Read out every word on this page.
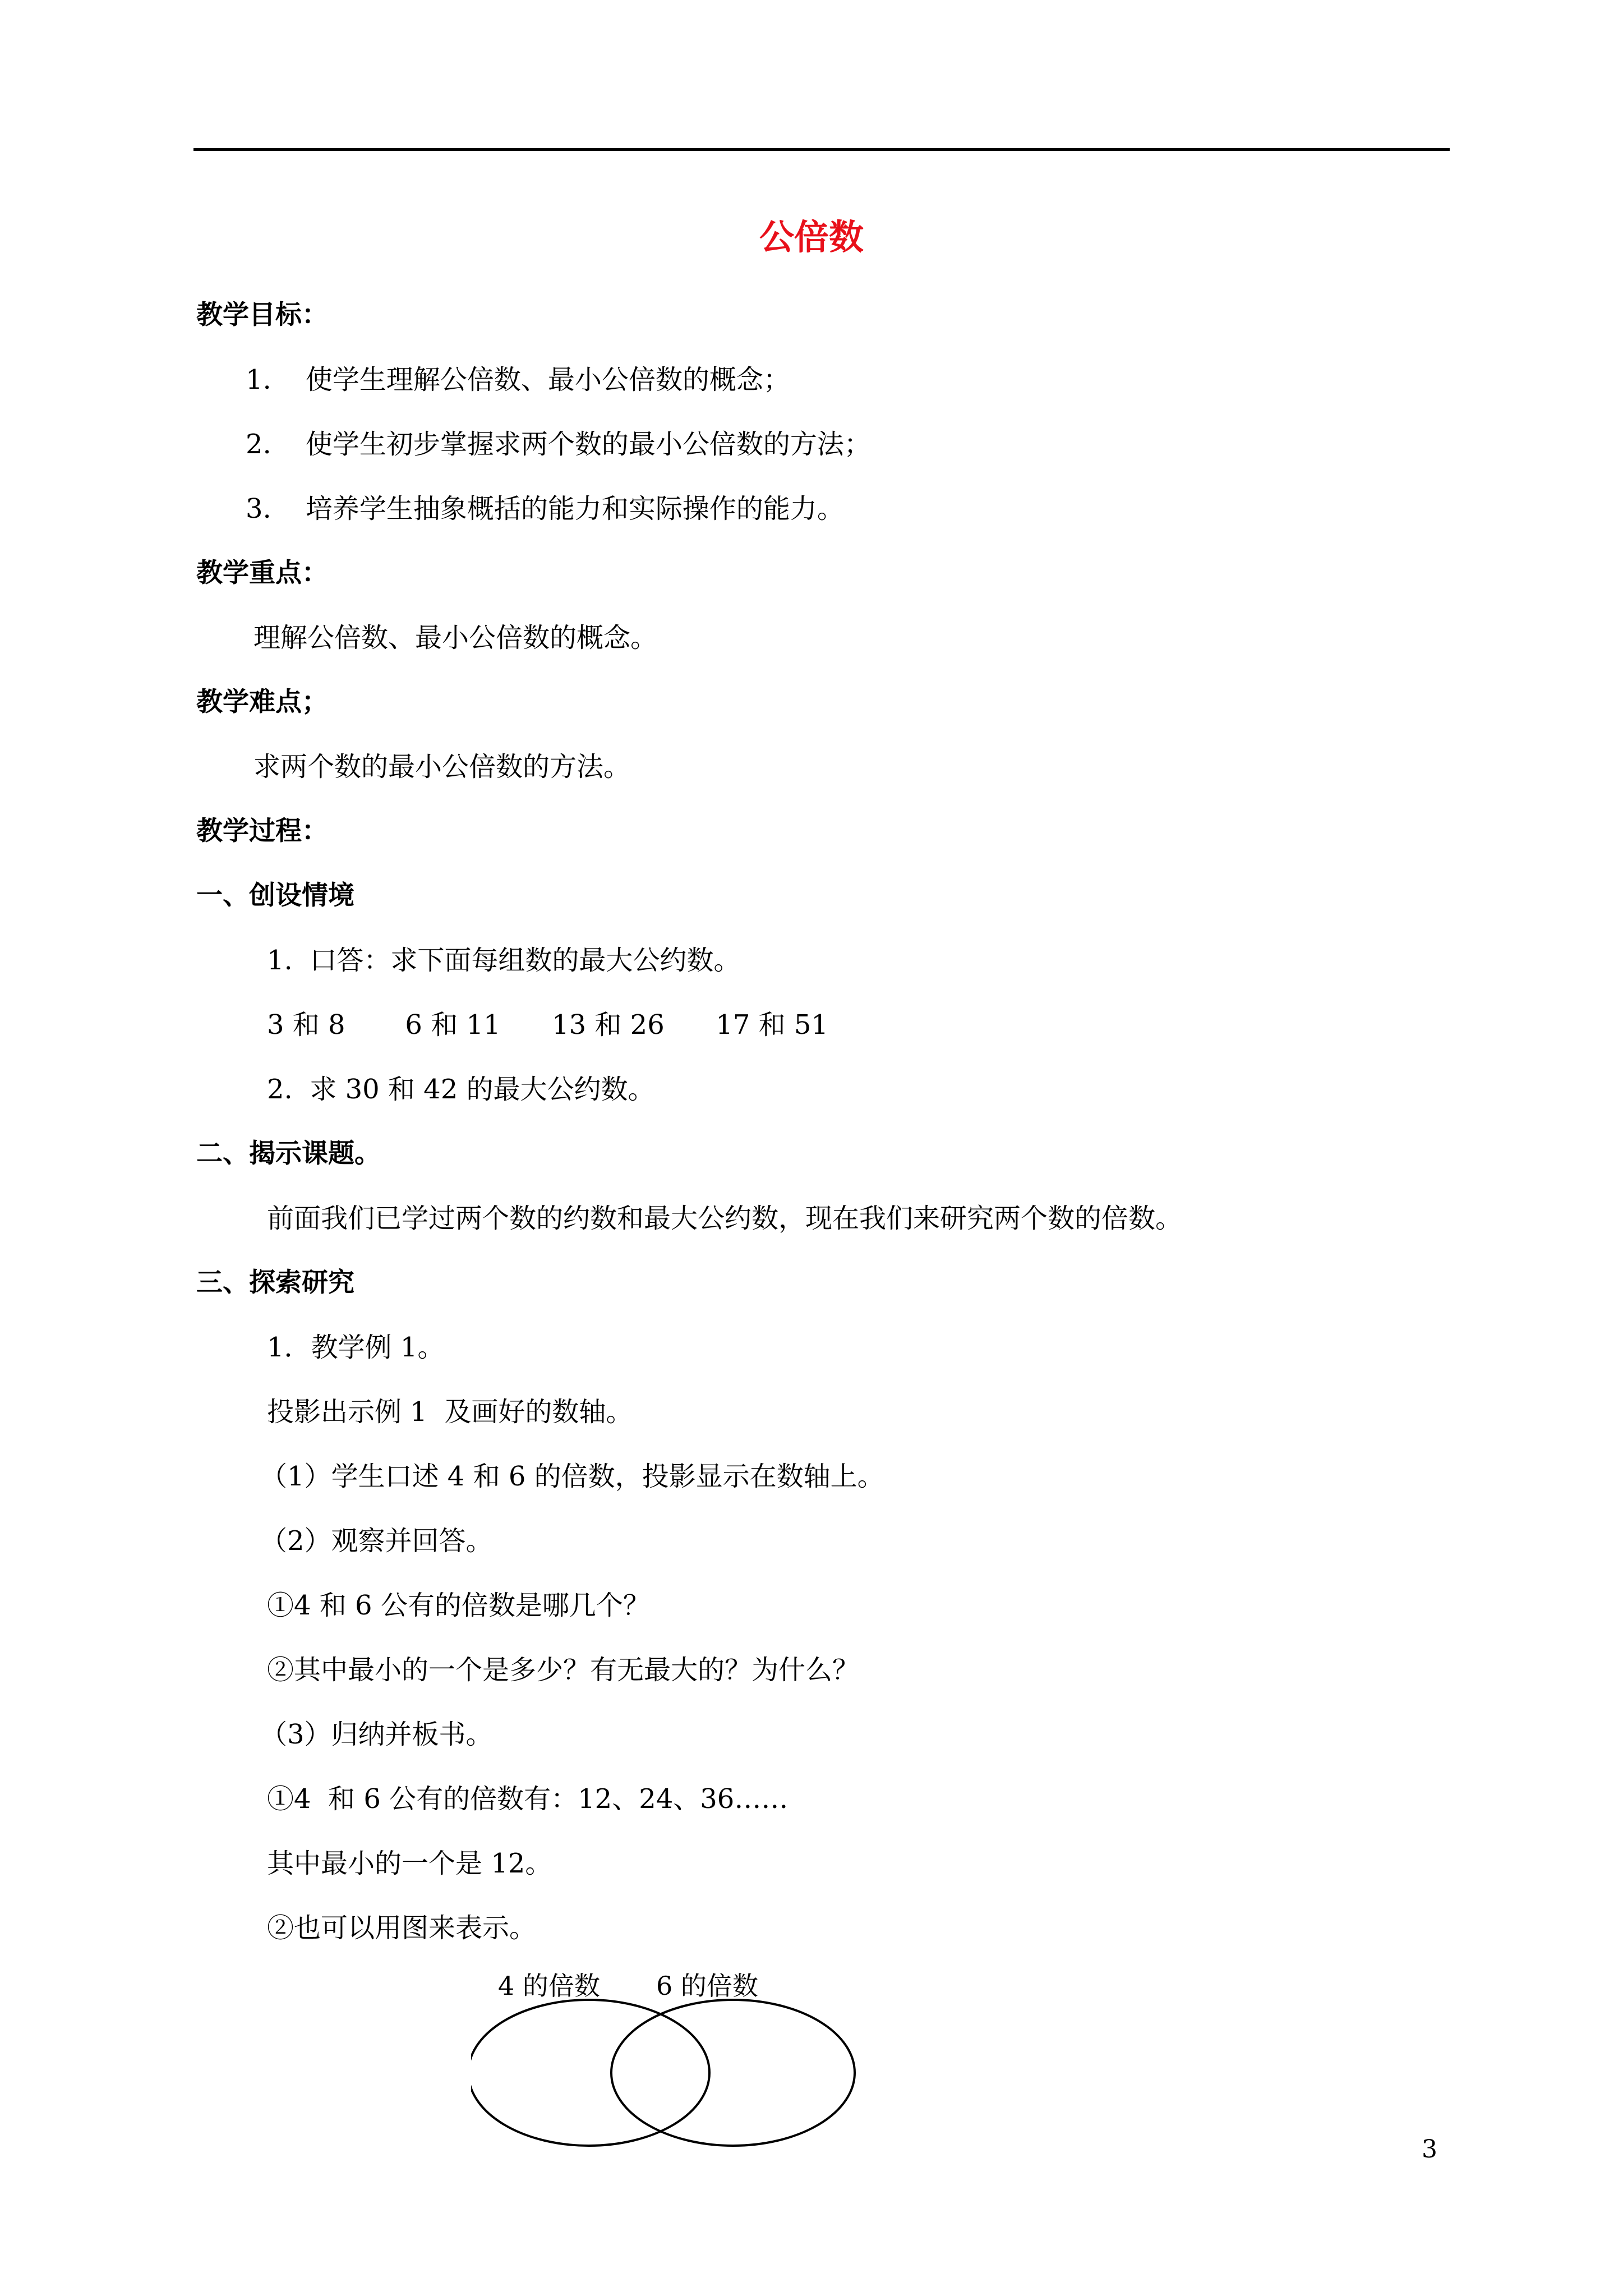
公倍数
教学目标：
1.    使学生理解公倍数、最小公倍数的概念；
2.    使学生初步掌握求两个数的最小公倍数的方法；
3.    培养学生抽象概括的能力和实际操作的能力。
教学重点：
理解公倍数、最小公倍数的概念。
教学难点；
求两个数的最小公倍数的方法。
教学过程：
一、创设情境
1.  口答：求下面每组数的最大公约数。
3 和 8       6 和 11      13 和 26      17 和 51
2.  求 30 和 42 的最大公约数。
二、揭示课题。
前面我们已学过两个数的约数和最大公约数，现在我们来研究两个数的倍数。
三、探索研究
1．教学例 1。
投影出示例 1  及画好的数轴。
（1）学生口述 4 和 6 的倍数，投影显示在数轴上。
（2）观察并回答。
①4 和 6 公有的倍数是哪几个？
②其中最小的一个是多少？有无最大的？为什么？
（3）归纳并板书。
①4  和 6 公有的倍数有：12、24、36……
其中最小的一个是 12。
②也可以用图来表示。
4 的倍数 6 的倍数
3
